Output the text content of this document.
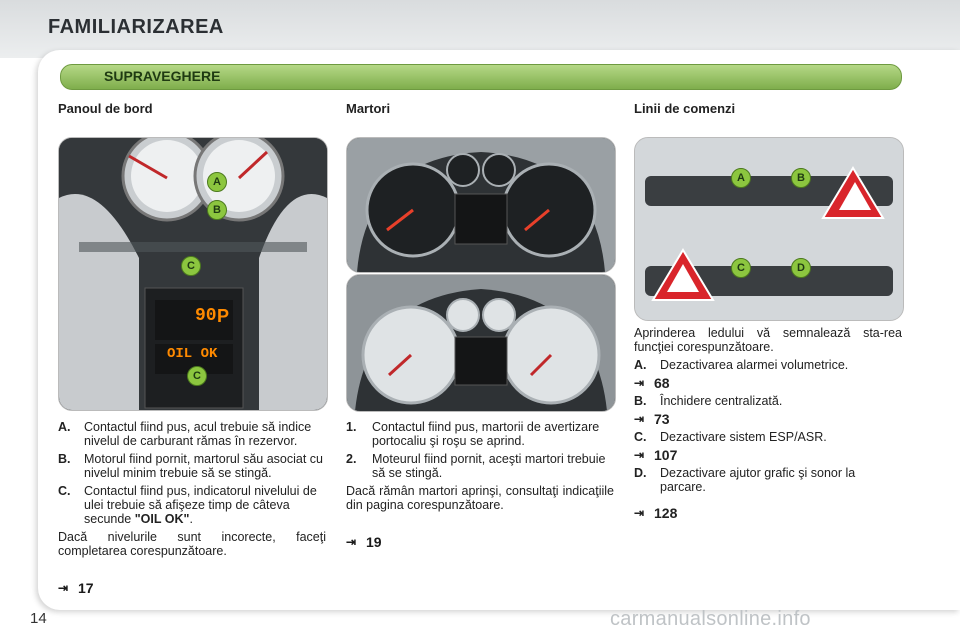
FAMILIARIZAREA
SUPRAVEGHERE
Panoul de bord	Martori	Linii de comenzi
90 P
OIL OK
A
B
C
C
A	B
C	D
A.	Contactul fiind pus, acul trebuie să indice nivelul de carburant rămas în rezervor.
B.	Motorul fiind pornit, martorul său asociat cu nivelul minim trebuie să se stingă.
C.	Contactul fiind pus, indicatorul nivelului de ulei trebuie să afişeze timp de câteva secunde "OIL OK".
Dacă nivelurile sunt incorecte, faceţi completarea corespunzătoare.
⇥ 17
1.	Contactul fiind pus, martorii de avertizare portocaliu şi roşu se aprind.
2.	Moteurul fiind pornit, aceşti martori trebuie să se stingă.
Dacă rămân martori aprinşi, consultaţi indicaţiile din pagina corespunzătoare.
⇥ 19
Aprinderea ledului vă semnalează sta-rea funcţiei corespunzătoare.
A.	Dezactivarea alarmei volumetrice.
⇥ 68
B.	Închidere centralizată.
⇥ 73
C.	Dezactivare sistem ESP/ASR.
⇥ 107
D.	Dezactivare ajutor grafic şi sonor la parcare.
⇥ 128
14	carmanualsonline.info
